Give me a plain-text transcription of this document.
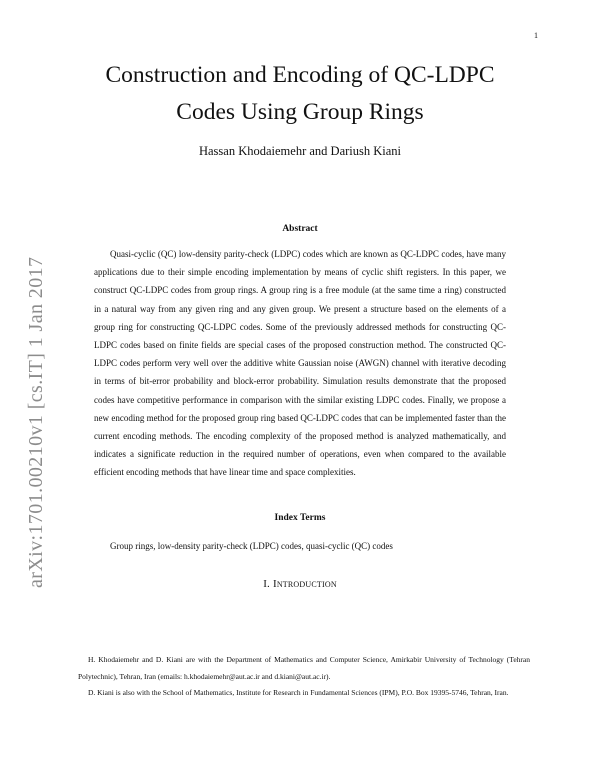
1
arXiv:1701.00210v1 [cs.IT] 1 Jan 2017
Construction and Encoding of QC-LDPC
Codes Using Group Rings
Hassan Khodaiemehr and Dariush Kiani
Abstract

Quasi-cyclic (QC) low-density parity-check (LDPC) codes which are known as QC-LDPC codes, have many applications due to their simple encoding implementation by means of cyclic shift registers. In this paper, we construct QC-LDPC codes from group rings. A group ring is a free module (at the same time a ring) constructed in a natural way from any given ring and any given group. We present a structure based on the elements of a group ring for constructing QC-LDPC codes. Some of the previously addressed methods for constructing QC-LDPC codes based on finite fields are special cases of the proposed construction method. The constructed QC-LDPC codes perform very well over the additive white Gaussian noise (AWGN) channel with iterative decoding in terms of bit-error probability and block-error probability. Simulation results demonstrate that the proposed codes have competitive performance in comparison with the similar existing LDPC codes. Finally, we propose a new encoding method for the proposed group ring based QC-LDPC codes that can be implemented faster than the current encoding methods. The encoding complexity of the proposed method is analyzed mathematically, and indicates a significate reduction in the required number of operations, even when compared to the available efficient encoding methods that have linear time and space complexities.

Index Terms
Group rings, low-density parity-check (LDPC) codes, quasi-cyclic (QC) codes
I. Introduction

H. Khodaiemehr and D. Kiani are with the Department of Mathematics and Computer Science, Amirkabir University of Technology (Tehran Polytechnic), Tehran, Iran (emails: h.khodaiemehr@aut.ac.ir and d.kiani@aut.ac.ir).

D. Kiani is also with the School of Mathematics, Institute for Research in Fundamental Sciences (IPM), P.O. Box 19395-5746, Tehran, Iran.
